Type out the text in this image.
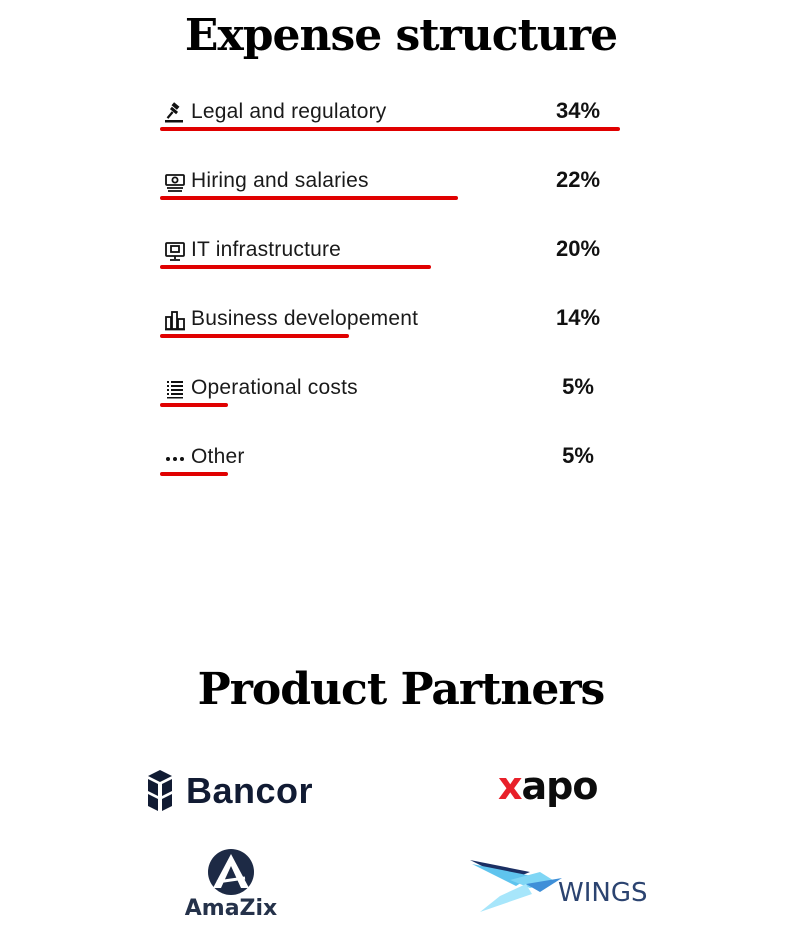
Expense structure
Legal and regulatory	34%
Hiring and salaries	22%
IT infrastructure	20%
Business developement	14%
Operational costs	5%
Other	5%
Product Partners
Bancor	xapo
AmaZix
WINGS
